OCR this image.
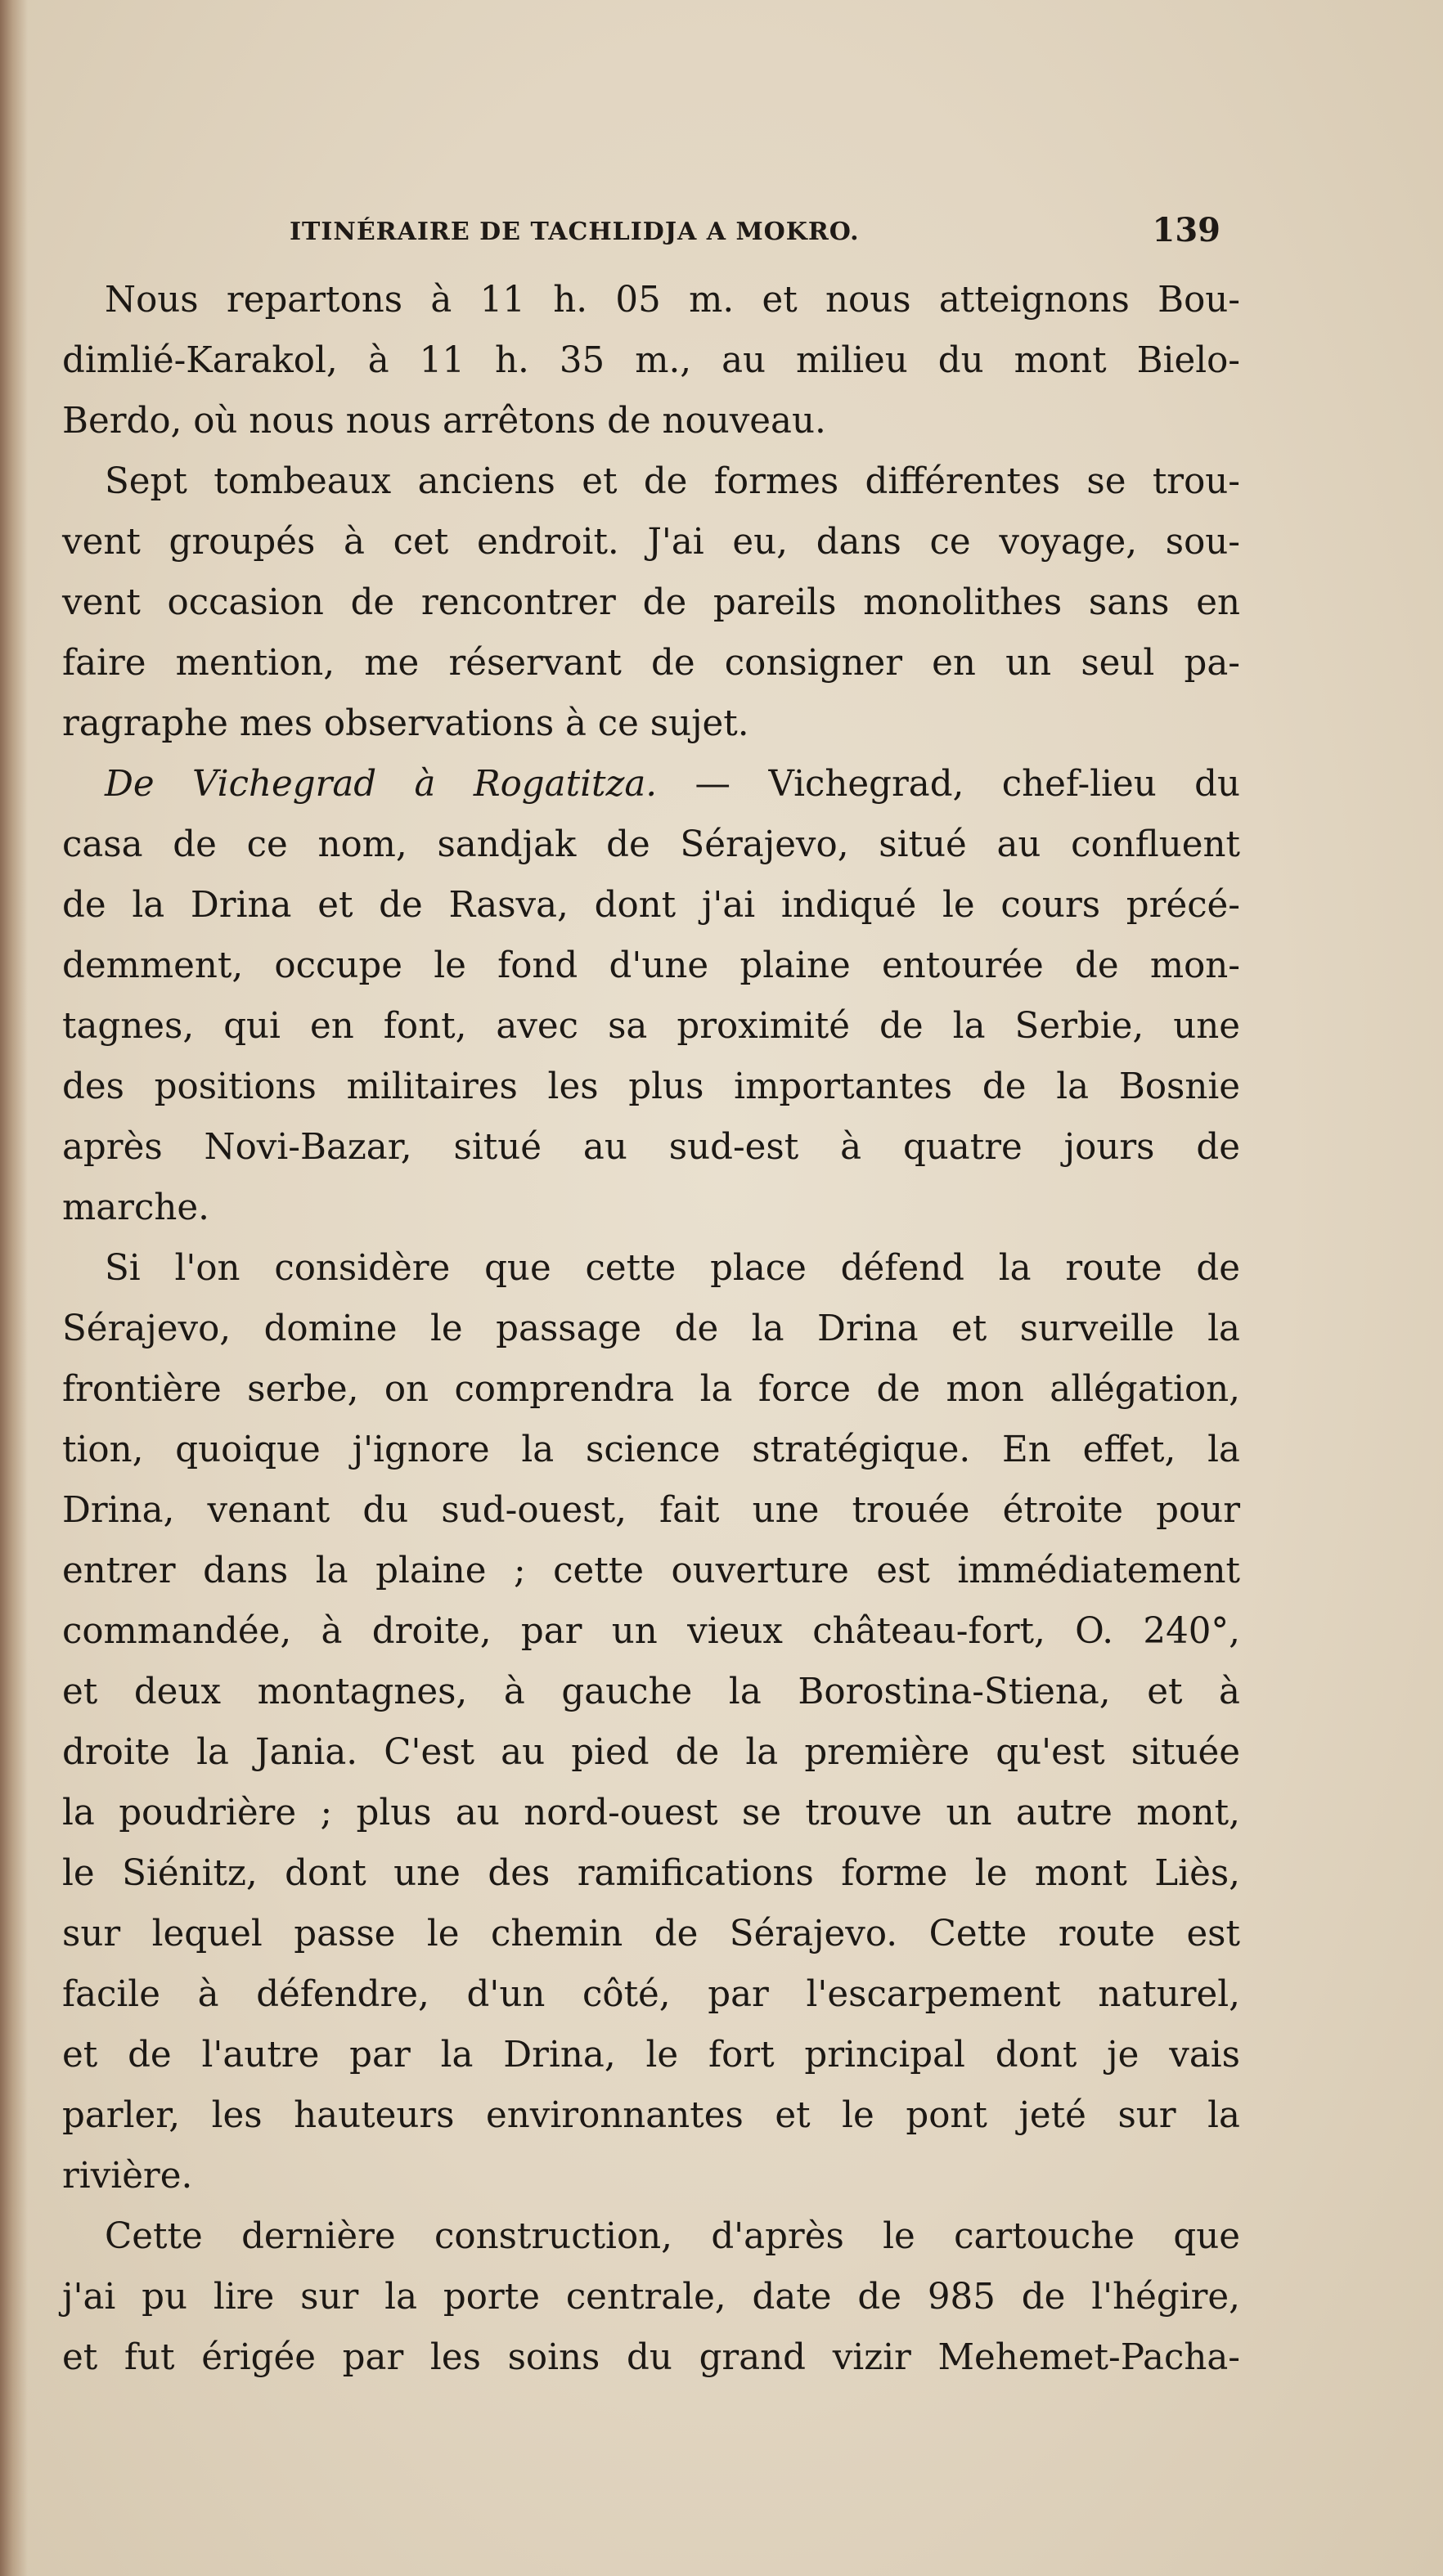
ITINÉRAIRE DE TACHLIDJA A MOKRO.	139
Nous repartons à 11 h. 05 m. et nous atteignons Bou-
dimlié-Karakol, à 11 h. 35 m., au milieu du mont Bielo-
Berdo, où nous nous arrêtons de nouveau.
Sept tombeaux anciens et de formes différentes se trou-
vent groupés à cet endroit. J'ai eu, dans ce voyage, sou-
vent occasion de rencontrer de pareils monolithes sans en
faire mention, me réservant de consigner en un seul pa-
ragraphe mes observations à ce sujet.
De Vichegrad à Rogatitza. — Vichegrad, chef-lieu du
casa de ce nom, sandjak de Sérajevo, situé au confluent
de la Drina et de Rasva, dont j'ai indiqué le cours précé-
demment, occupe le fond d'une plaine entourée de mon-
tagnes, qui en font, avec sa proximité de la Serbie, une
des positions militaires les plus importantes de la Bosnie
après Novi-Bazar, situé au sud-est à quatre jours de
marche.
Si l'on considère que cette place défend la route de
Sérajevo, domine le passage de la Drina et surveille la
frontière serbe, on comprendra la force de mon allégation,
tion, quoique j'ignore la science stratégique. En effet, la
Drina, venant du sud-ouest, fait une trouée étroite pour
entrer dans la plaine ; cette ouverture est immédiatement
commandée, à droite, par un vieux château-fort, O. 240°,
et deux montagnes, à gauche la Borostina-Stiena, et à
droite la Jania. C'est au pied de la première qu'est située
la poudrière ; plus au nord-ouest se trouve un autre mont,
le Siénitz, dont une des ramifications forme le mont Liès,
sur lequel passe le chemin de Sérajevo. Cette route est
facile à défendre, d'un côté, par l'escarpement naturel,
et de l'autre par la Drina, le fort principal dont je vais
parler, les hauteurs environnantes et le pont jeté sur la
rivière.
Cette dernière construction, d'après le cartouche que
j'ai pu lire sur la porte centrale, date de 985 de l'hégire,
et fut érigée par les soins du grand vizir Mehemet-Pacha-
